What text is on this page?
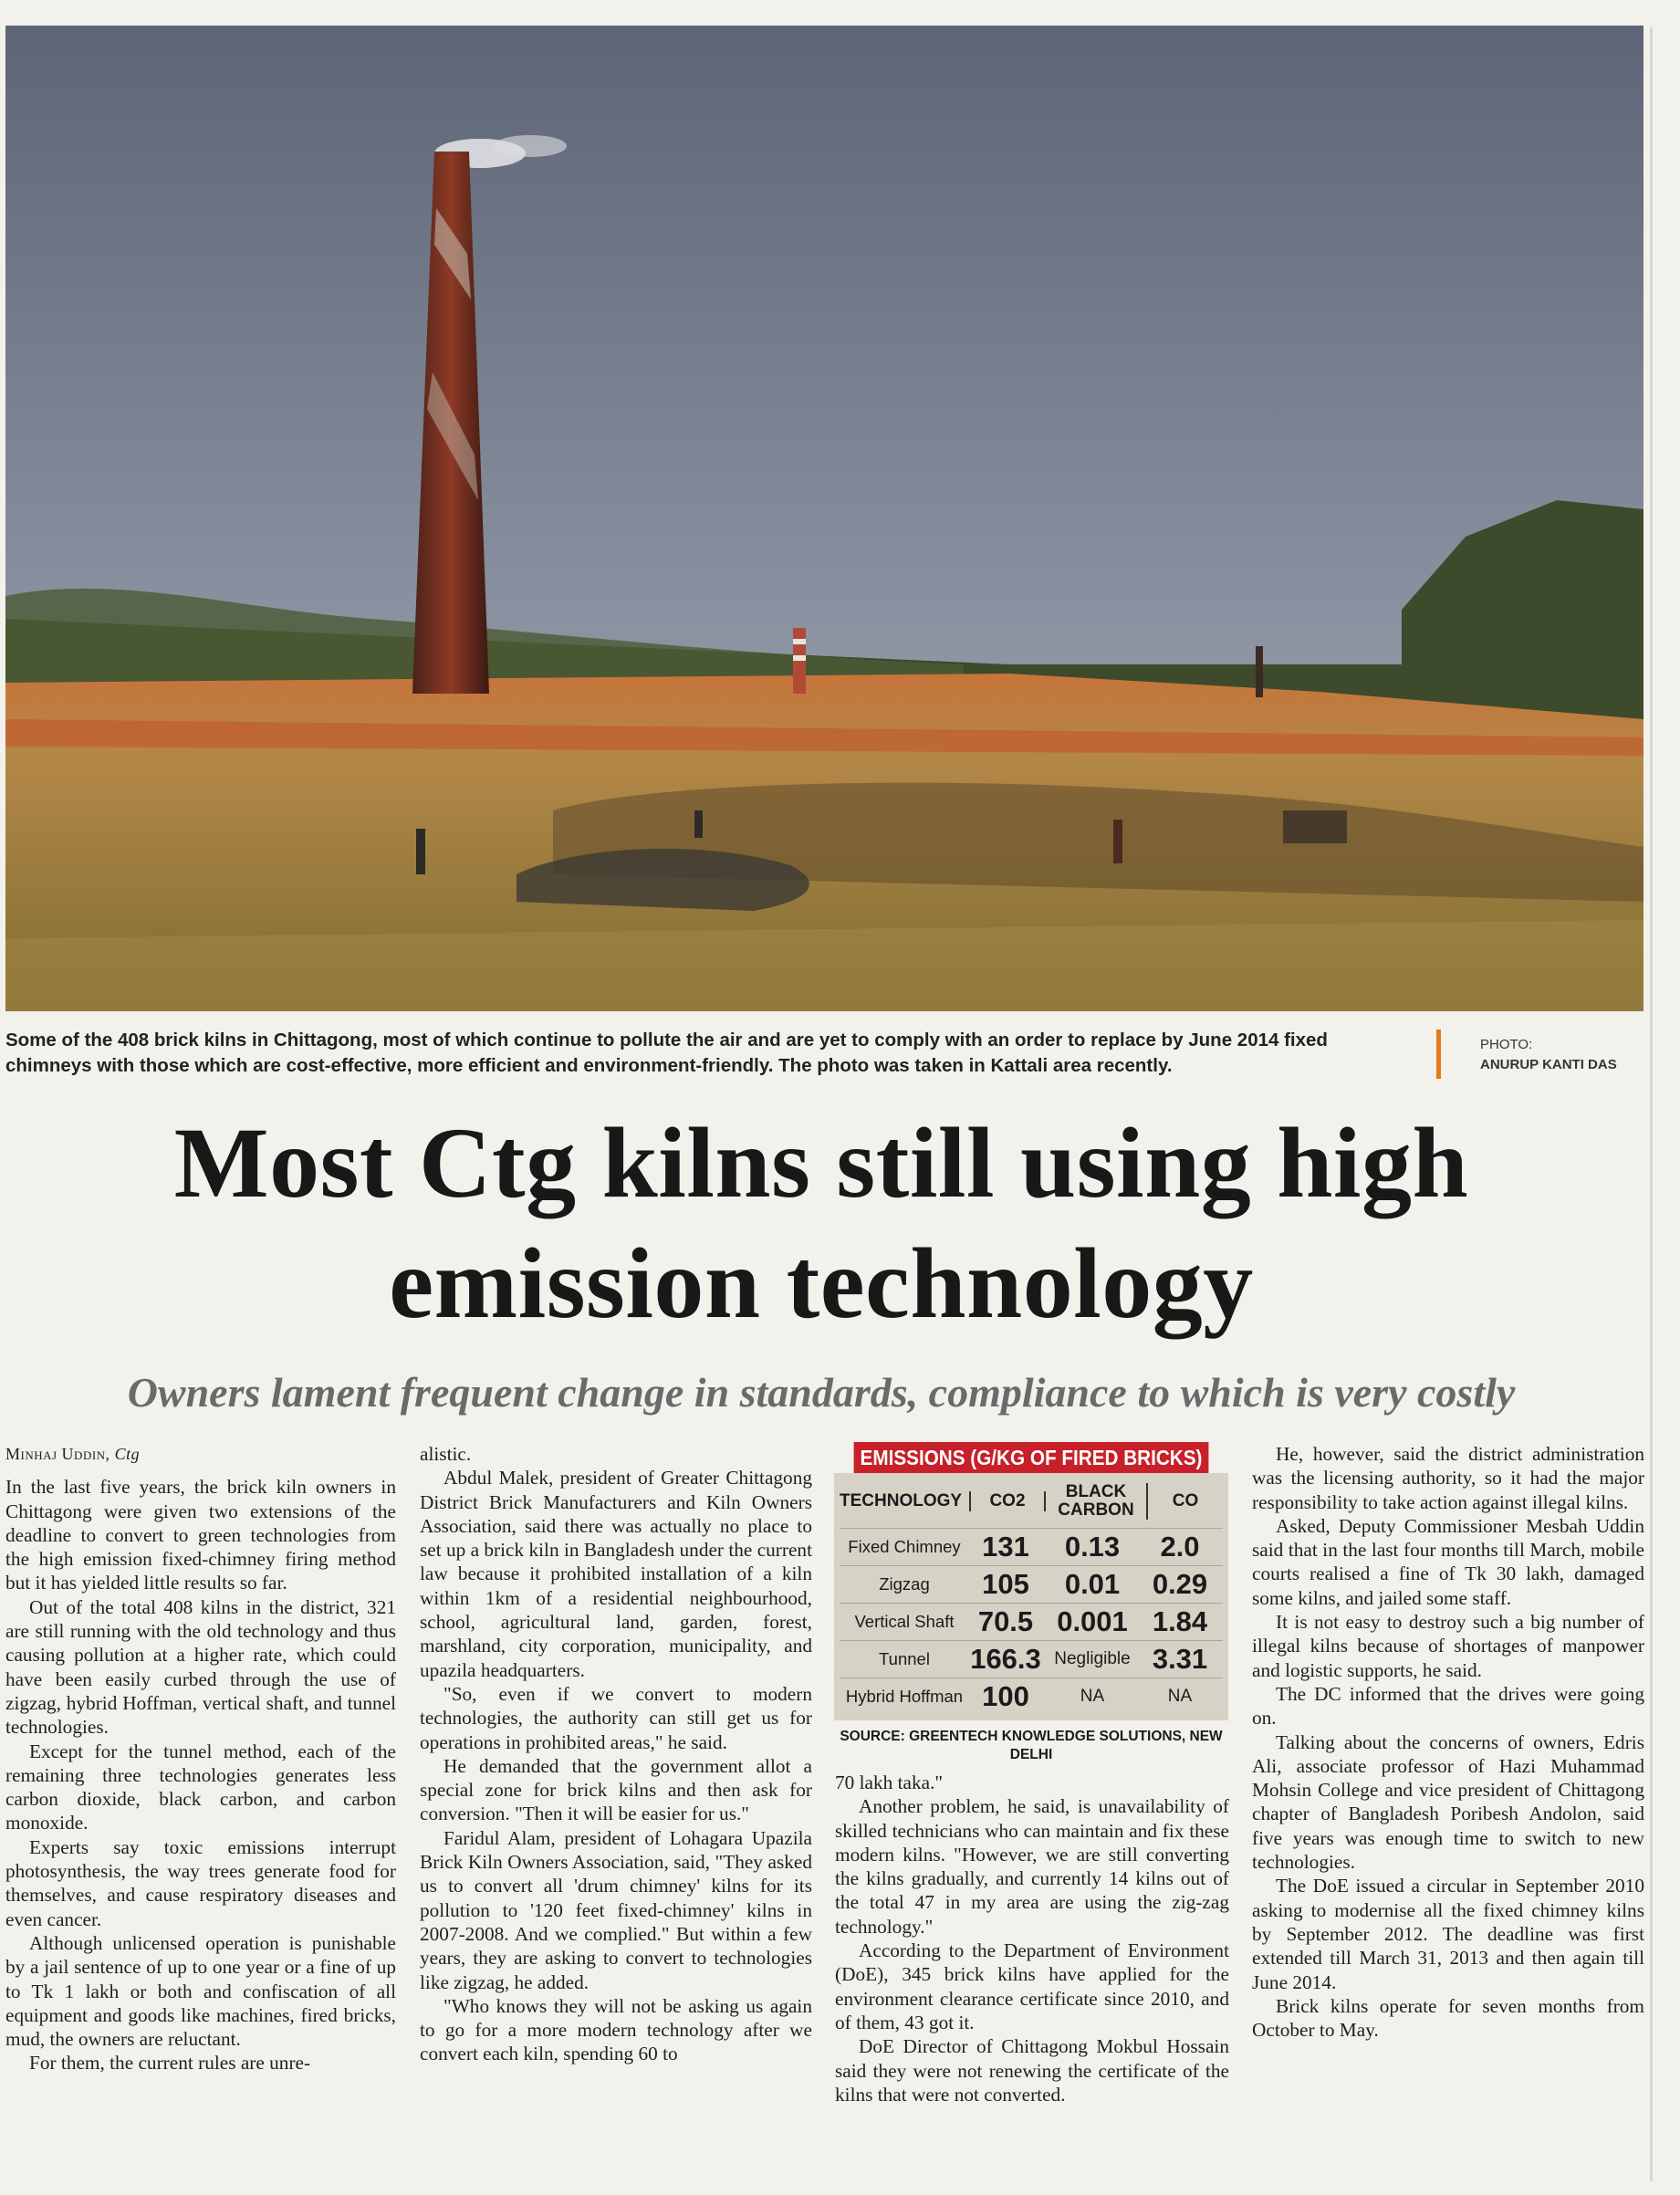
Some of the 408 brick kilns in Chittagong, most of which continue to pollute the air and are yet to comply with an order to replace by June 2014 fixed chimneys with those which are cost-effective, more efficient and environment-friendly. The photo was taken in Kattali area recently.
PHOTO:
ANURUP KANTI DAS
Most Ctg kilns still using high emission technology
Owners lament frequent change in standards, compliance to which is very costly
Minhaj Uddin, Ctg

In the last five years, the brick kiln owners in Chittagong were given two extensions of the deadline to convert to green technologies from the high emission fixed-chimney firing method but it has yielded little results so far.

Out of the total 408 kilns in the district, 321 are still running with the old technology and thus causing pollution at a higher rate, which could have been easily curbed through the use of zigzag, hybrid Hoffman, vertical shaft, and tunnel technologies.

Except for the tunnel method, each of the remaining three technologies generates less carbon dioxide, black carbon, and carbon monoxide.

Experts say toxic emissions interrupt photosynthesis, the way trees generate food for themselves, and cause respiratory diseases and even cancer.

Although unlicensed operation is punishable by a jail sentence of up to one year or a fine of up to Tk 1 lakh or both and confiscation of all equipment and goods like machines, fired bricks, mud, the owners are reluctant.

For them, the current rules are unre-

alistic.

Abdul Malek, president of Greater Chittagong District Brick Manufacturers and Kiln Owners Association, said there was actually no place to set up a brick kiln in Bangladesh under the current law because it prohibited installation of a kiln within 1km of a residential neighbourhood, school, agricultural land, garden, forest, marshland, city corporation, municipality, and upazila headquarters.

"So, even if we convert to modern technologies, the authority can still get us for operations in prohibited areas," he said.

He demanded that the government allot a special zone for brick kilns and then ask for conversion. "Then it will be easier for us."

Faridul Alam, president of Lohagara Upazila Brick Kiln Owners Association, said, "They asked us to convert all 'drum chimney' kilns for its pollution to '120 feet fixed-chimney' kilns in 2007-2008. And we complied." But within a few years, they are asking to convert to technologies like zigzag, he added.

"Who knows they will not be asking us again to go for a more modern technology after we convert each kiln, spending 60 to

EMISSIONS (G/KG OF FIRED BRICKS)
TECHNOLOGY	CO2	BLACK CARBON	CO
Fixed Chimney 131	0.13	2.0
Zigzag	105	0.01	0.29
Vertical Shaft 70.5 0.001 1.84
Tunnel	166.3 Negligible 3.31
Hybrid Hoffman 100	NA	NA
SOURCE: GREENTECH KNOWLEDGE SOLUTIONS, NEW DELHI

70 lakh taka."

Another problem, he said, is unavailability of skilled technicians who can maintain and fix these modern kilns. "However, we are still converting the kilns gradually, and currently 14 kilns out of the total 47 in my area are using the zig-zag technology."

According to the Department of Environment (DoE), 345 brick kilns have applied for the environment clearance certificate since 2010, and of them, 43 got it.

DoE Director of Chittagong Mokbul Hossain said they were not renewing the certificate of the kilns that were not converted.

He, however, said the district administration was the licensing authority, so it had the major responsibility to take action against illegal kilns.

Asked, Deputy Commissioner Mesbah Uddin said that in the last four months till March, mobile courts realised a fine of Tk 30 lakh, damaged some kilns, and jailed some staff.

It is not easy to destroy such a big number of illegal kilns because of shortages of manpower and logistic supports, he said.

The DC informed that the drives were going on.

Talking about the concerns of owners, Edris Ali, associate professor of Hazi Muhammad Mohsin College and vice president of Chittagong chapter of Bangladesh Poribesh Andolon, said five years was enough time to switch to new technologies.

The DoE issued a circular in September 2010 asking to modernise all the fixed chimney kilns by September 2012. The deadline was first extended till March 31, 2013 and then again till June 2014.

Brick kilns operate for seven months from October to May.
